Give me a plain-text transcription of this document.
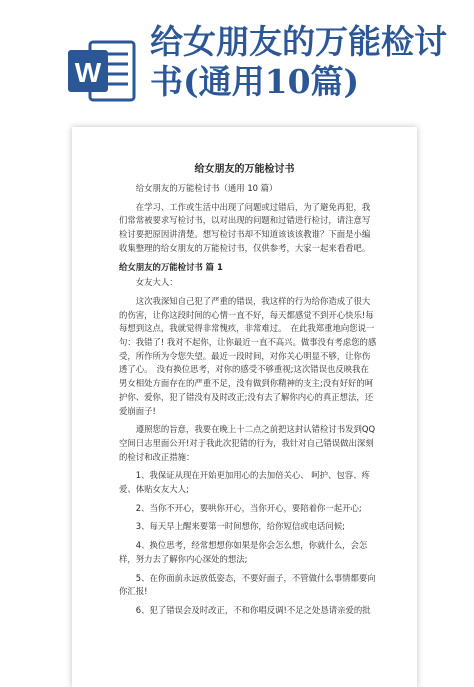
W
给女朋友的万能检讨书(通用10篇)
给女朋友的万能检讨书

给女朋友的万能检讨书（通用 10 篇）

在学习、工作或生活中出现了问题或过错后，为了避免再犯，我们常常被要求写检讨书，以对出现的问题和过错进行检讨，请注意写检讨要把原因讲清楚。想写检讨书却不知道该该该教谁？下面是小编收集整理的给女朋友的万能检讨书，仅供参考，大家一起来看看吧。

给女朋友的万能检讨书 篇 1

女友大人：

这次我深知自己犯了严重的错误，我这样的行为给你造成了很大的伤害，让你这段时间的心情一直不好，每天都感觉不到开心快乐!每每想到这点，我就觉得非常愧疚，非常难过。　在此我郑重地向您说一句：我错了! 我对不起你，让你最近一直不高兴。做事没有考虑您的感受，所作所为令您失望。最近一段时间，对你关心明显不够，让你伤透了心。　没有换位思考，对你的感受不够重视;这次错误也反映我在男女相处方面存在的严重不足，没有做到你精神的支主;没有好好的呵护你、爱你，犯了错没有及时改正;没有去了解你内心的真正想法，还爱崩面子!

遵照您的旨意，我要在晚上十二点之前把这封认错检讨书发到QQ空间日志里面公开!对于我此次犯错的行为，我针对自己错误做出深刻的检讨和改正措施：

1、我保证从现在开始更加用心的去加倍关心、 呵护、包容、疼爱、体贴女友大人;

2、当你不开心，要哄你开心，当你开心，要陪着你一起开心;

3、每天早上醒来要第一时间想你，给你短信或电话问候;

4、换位思考，经常想想你如果是你会怎么想，你就什么，会怎样，努力去了解你内心深处的想法;

5、在你面前永远放低姿态，不要好面子，不管做什么事情都要向你汇报!

6、犯了错误会及时改正，不和你唱反调!不足之处恳请亲爱的批
